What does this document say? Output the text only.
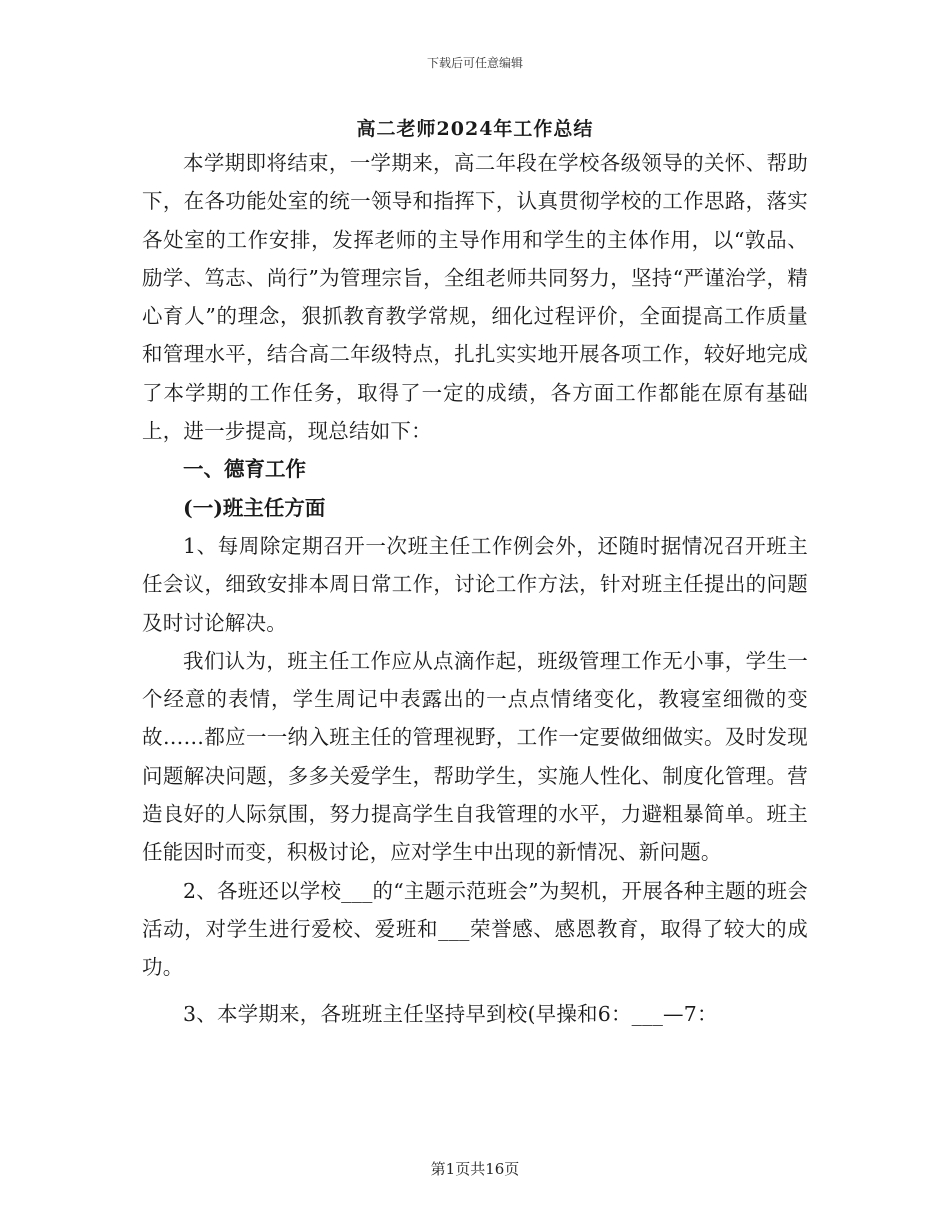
下载后可任意编辑
高二老师2024年工作总结

本学期即将结束，一学期来，高二年段在学校各级领导的关怀、帮助下，在各功能处室的统一领导和指挥下，认真贯彻学校的工作思路，落实各处室的工作安排，发挥老师的主导作用和学生的主体作用，以“敦品、励学、笃志、尚行”为管理宗旨，全组老师共同努力，坚持“严谨治学，精心育人”的理念，狠抓教育教学常规，细化过程评价，全面提高工作质量和管理水平，结合高二年级特点，扎扎实实地开展各项工作，较好地完成了本学期的工作任务，取得了一定的成绩，各方面工作都能在原有基础上，进一步提高，现总结如下：

一、德育工作

(一)班主任方面

1、每周除定期召开一次班主任工作例会外，还随时据情况召开班主任会议，细致安排本周日常工作，讨论工作方法，针对班主任提出的问题及时讨论解决。

我们认为，班主任工作应从点滴作起，班级管理工作无小事，学生一个经意的表情，学生周记中表露出的一点点情绪变化，教寝室细微的变故……都应一一纳入班主任的管理视野，工作一定要做细做实。及时发现问题解决问题，多多关爱学生，帮助学生，实施人性化、制度化管理。营造良好的人际氛围，努力提高学生自我管理的水平，力避粗暴简单。班主任能因时而变，积极讨论，应对学生中出现的新情况、新问题。

2、各班还以学校___的“主题示范班会”为契机，开展各种主题的班会活动，对学生进行爱校、爱班和___荣誉感、感恩教育，取得了较大的成功。

3、本学期来，各班班主任坚持早到校(早操和6：___—7：

第1页共16页
